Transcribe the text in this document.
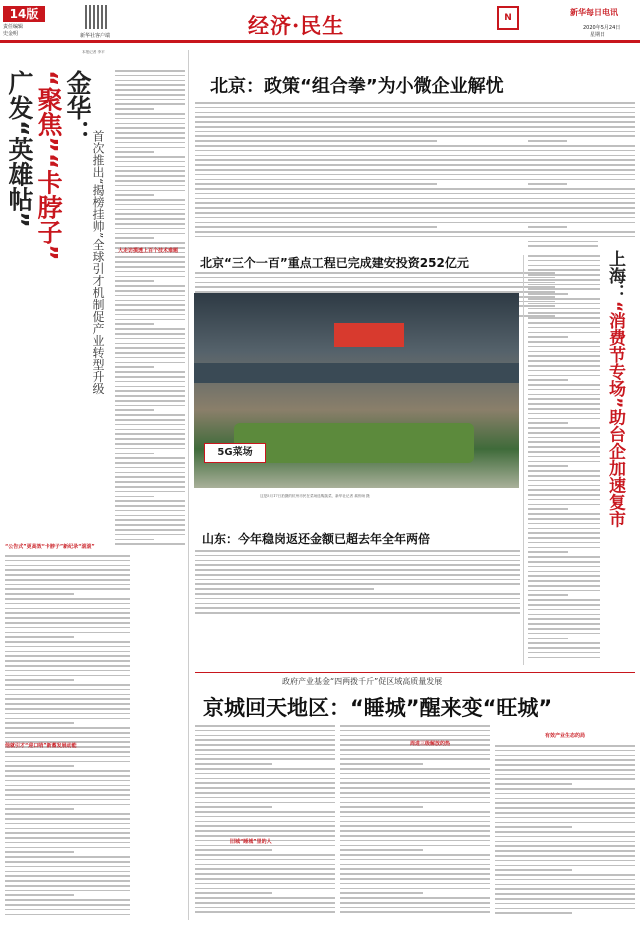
14版
责任编辑
史金明	新华社客户端	经济·民生	N
新华每日电讯
2020年5月24日
星期日
本报记者 李平
金华：
“聚焦”“卡脖子”
广发“英雄帖”	首次推出“揭榜挂帅”全球引才机制促产业转型升级	大走访摸透上百个技术难题
“公告式”更高效“卡脖子”新纪录“滚滚”
他就引才“迎口哨”新蓄发展动能
北京：政策“组合拳”为小微企业解忧
北京“三个一百”重点工程已完成建安投资252亿元
5G菜场
这是5月17日拍摄的杭州市民在菜场选购蔬菜，新华社记者 翁忻旸 摄
山东：今年稳岗返还金额已超去年全年两倍
上海：“消费节专场”助台企加速复市
政府产业基金“四两拨千斤”促区域高质量发展
京城回天地区：“睡城”醒来变“旺城”
旧城“睡城”里的人
周进三级解放的热
有效产业生态的局
